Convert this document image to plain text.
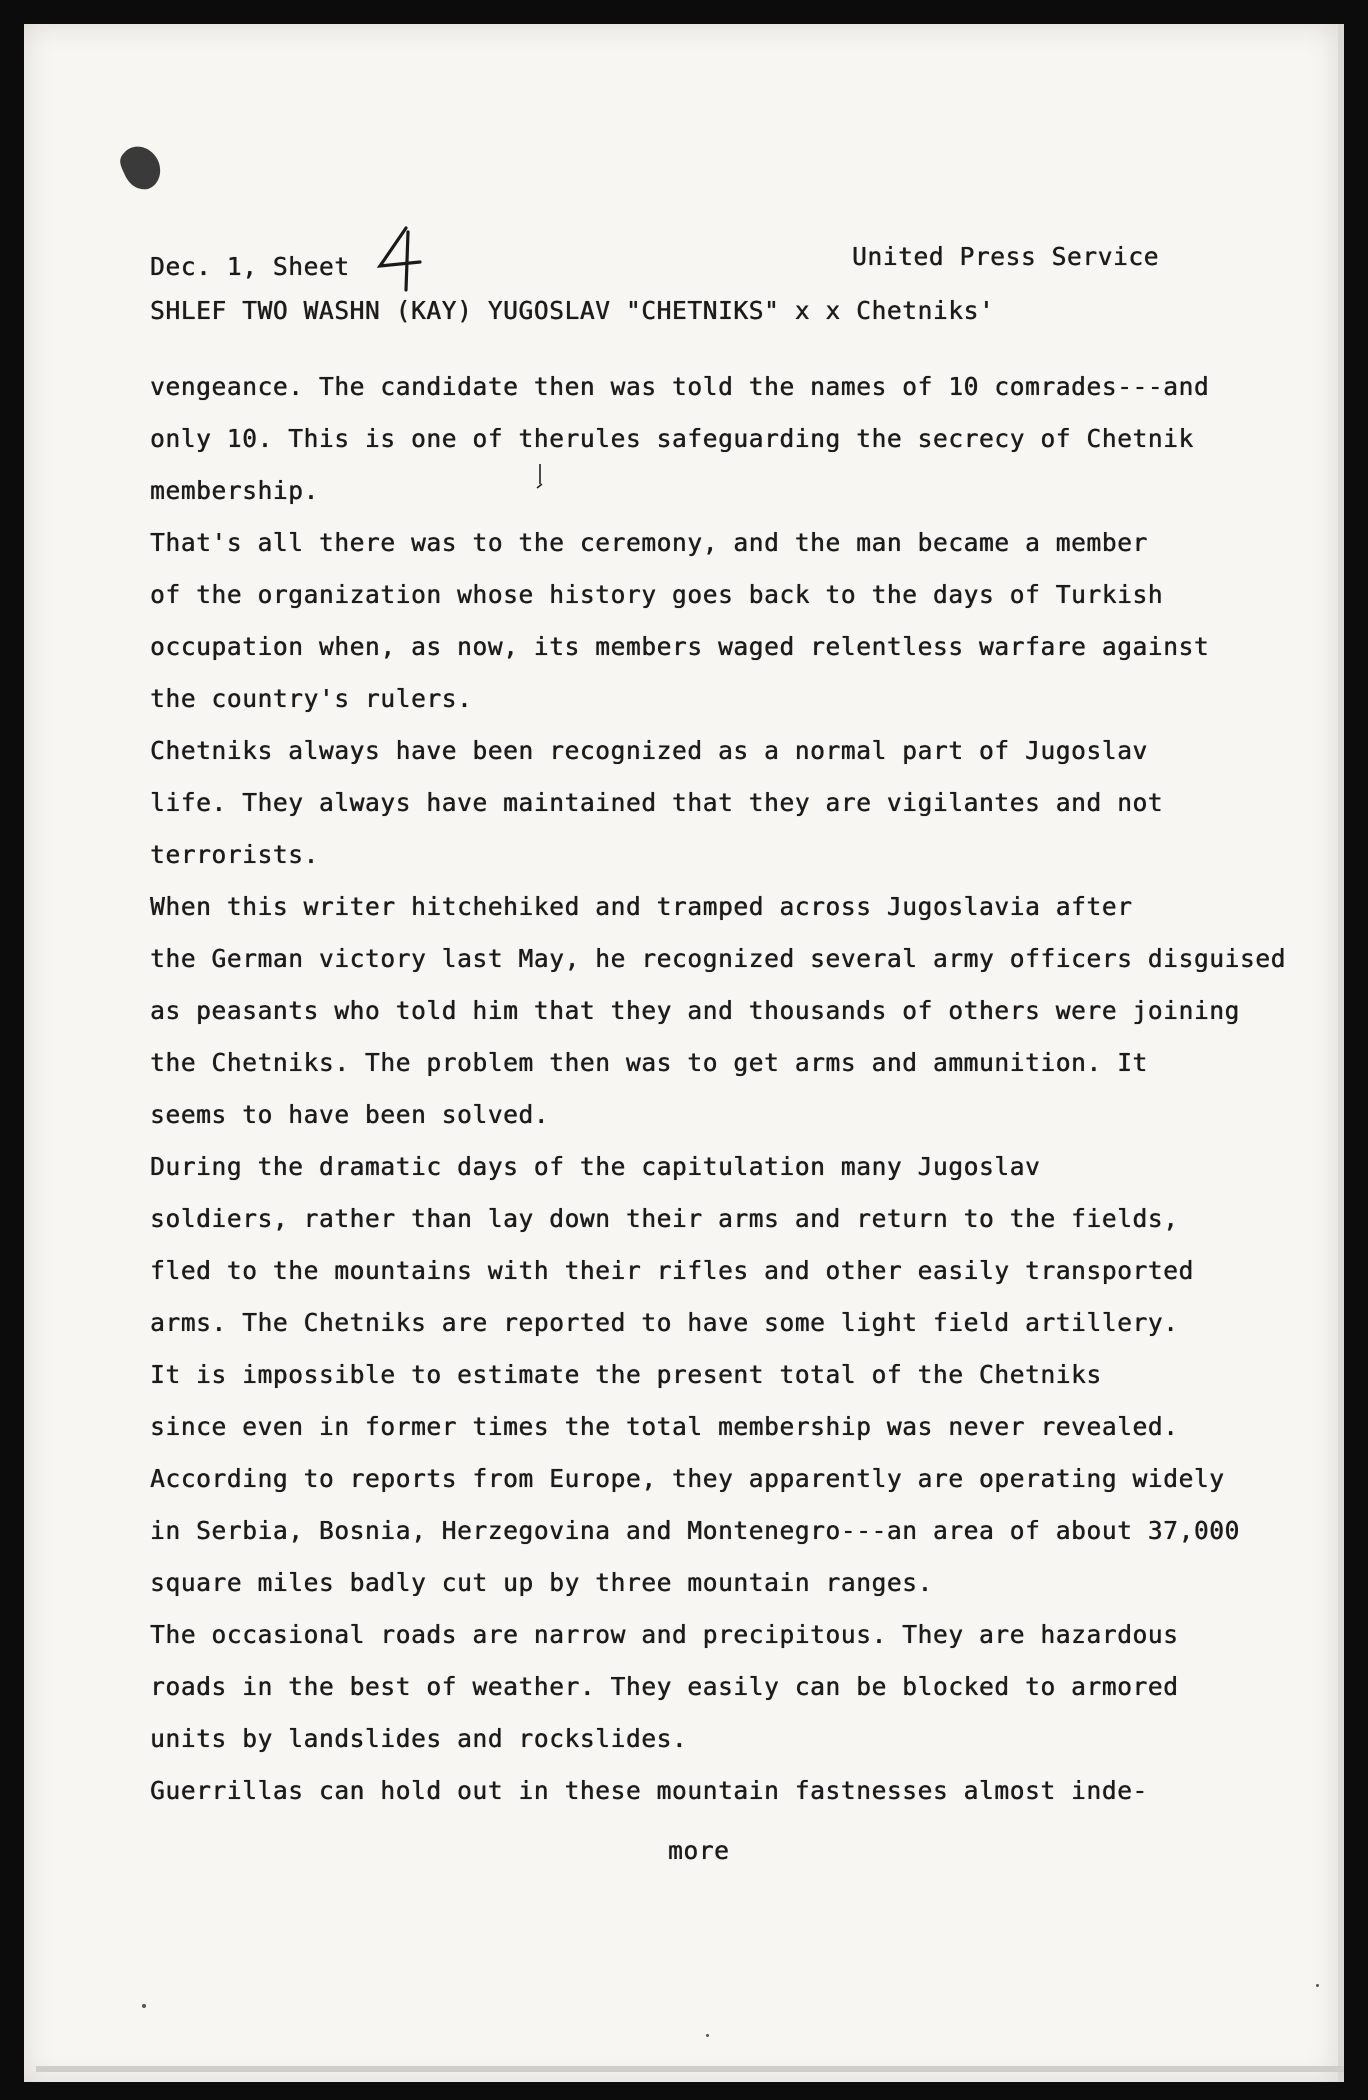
Dec. 1, Sheet	United Press Service
SHLEF TWO WASHN (KAY) YUGOSLAV "CHETNIKS" x x Chetniks'
vengeance. The candidate then was told the names of 10 comrades---and
only 10. This is one of therules safeguarding the secrecy of Chetnik
membership.
That's all there was to the ceremony, and the man became a member
of the organization whose history goes back to the days of Turkish
occupation when, as now, its members waged relentless warfare against
the country's rulers.
Chetniks always have been recognized as a normal part of Jugoslav
life. They always have maintained that they are vigilantes and not
terrorists.
When this writer hitchehiked and tramped across Jugoslavia after
the German victory last May, he recognized several army officers disguised
as peasants who told him that they and thousands of others were joining
the Chetniks. The problem then was to get arms and ammunition. It
seems to have been solved.
During the dramatic days of the capitulation many Jugoslav
soldiers, rather than lay down their arms and return to the fields,
fled to the mountains with their rifles and other easily transported
arms. The Chetniks are reported to have some light field artillery.
It is impossible to estimate the present total of the Chetniks
since even in former times the total membership was never revealed.
According to reports from Europe, they apparently are operating widely
in Serbia, Bosnia, Herzegovina and Montenegro---an area of about 37,000
square miles badly cut up by three mountain ranges.
The occasional roads are narrow and precipitous. They are hazardous
roads in the best of weather. They easily can be blocked to armored
units by landslides and rockslides.
Guerrillas can hold out in these mountain fastnesses almost inde-
more
